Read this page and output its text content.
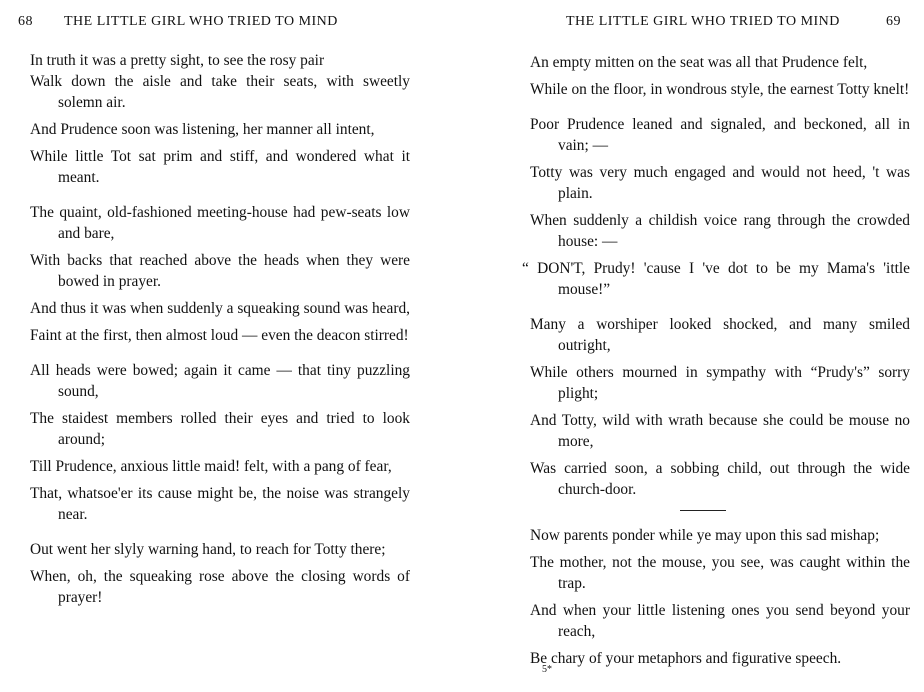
68 THE LITTLE GIRL WHO TRIED TO MIND
In truth it was a pretty sight, to see the rosy pair
Walk down the aisle and take their seats, with sweetly solemn air.
And Prudence soon was listening, her manner all intent,
While little Tot sat prim and stiff, and wondered what it meant.
The quaint, old-fashioned meeting-house had pew-seats low and bare,
With backs that reached above the heads when they were bowed in prayer.
And thus it was when suddenly a squeaking sound was heard,
Faint at the first, then almost loud — even the deacon stirred!
All heads were bowed; again it came — that tiny puzzling sound,
The staidest members rolled their eyes and tried to look around;
Till Prudence, anxious little maid! felt, with a pang of fear,
That, whatsoe'er its cause might be, the noise was strangely near.
Out went her slyly warning hand, to reach for Totty there;
When, oh, the squeaking rose above the closing words of prayer!
THE LITTLE GIRL WHO TRIED TO MIND	69
An empty mitten on the seat was all that Prudence felt,
While on the floor, in wondrous style, the earnest Totty knelt!
Poor Prudence leaned and signaled, and beckoned, all in vain; —
Totty was very much engaged and would not heed, 't was plain.
When suddenly a childish voice rang through the crowded house: —
“ DON'T, Prudy! 'cause I 've dot to be my Mama's 'ittle mouse!”
Many a worshiper looked shocked, and many smiled outright,
While others mourned in sympathy with “Prudy's” sorry plight;
And Totty, wild with wrath because she could be mouse no more,
Was carried soon, a sobbing child, out through the wide church-door.
Now parents ponder while ye may upon this sad mishap;
The mother, not the mouse, you see, was caught within the trap.
And when your little listening ones you send beyond your reach,
Be chary of your metaphors and figurative speech.
5*
